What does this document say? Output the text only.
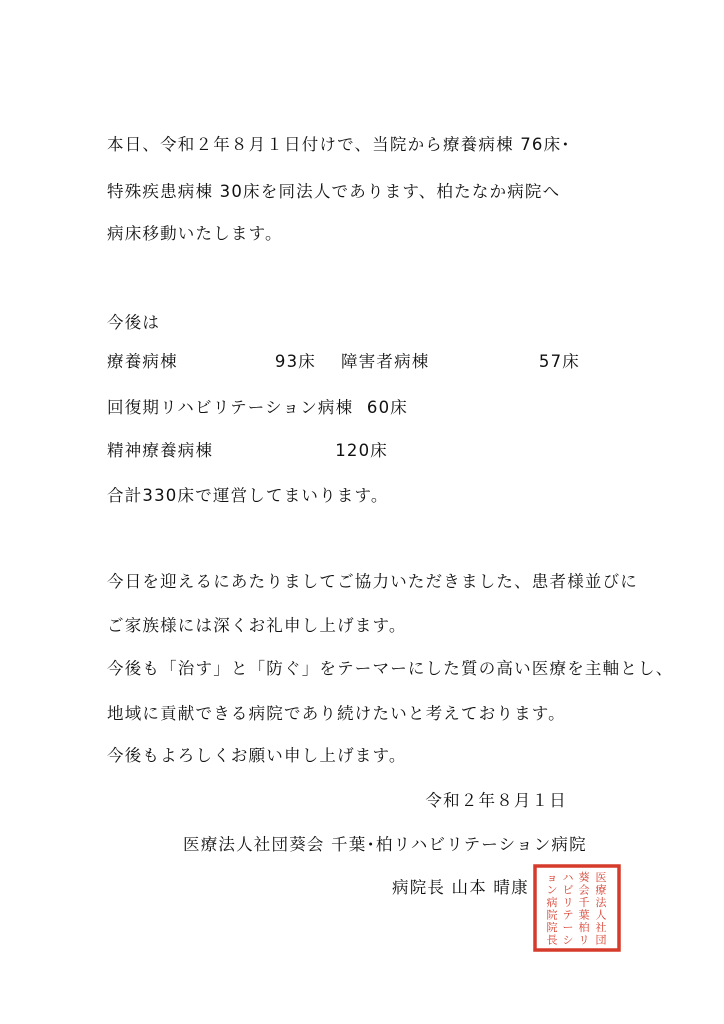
本日、令和２年８月１日付けで、当院から療養病棟 76床･
特殊疾患病棟 30床を同法人であります、柏たなか病院へ
病床移動いたします。
今後は
療養病棟	93床 障害者病棟	57床
回復期リハビリテーション病棟 60床
精神療養病棟	120床
合計330床で運営してまいります。
今日を迎えるにあたりましてご協力いただきました、患者様並びに
ご家族様には深くお礼申し上げます。
今後も「治す」と「防ぐ」をテーマーにした質の高い医療を主軸とし、
地域に貢献できる病院であり続けたいと考えております。
今後もよろしくお願い申し上げます。
令和２年８月１日
医療法人社団葵会 千葉･柏リハビリテーション病院
病院長 山本 晴康
医
療
法
人
社
団
葵
会
千
葉
柏
リ
ハ
ビ
リ
テ
ー
シ
ョ
ン
病
院
院
長
